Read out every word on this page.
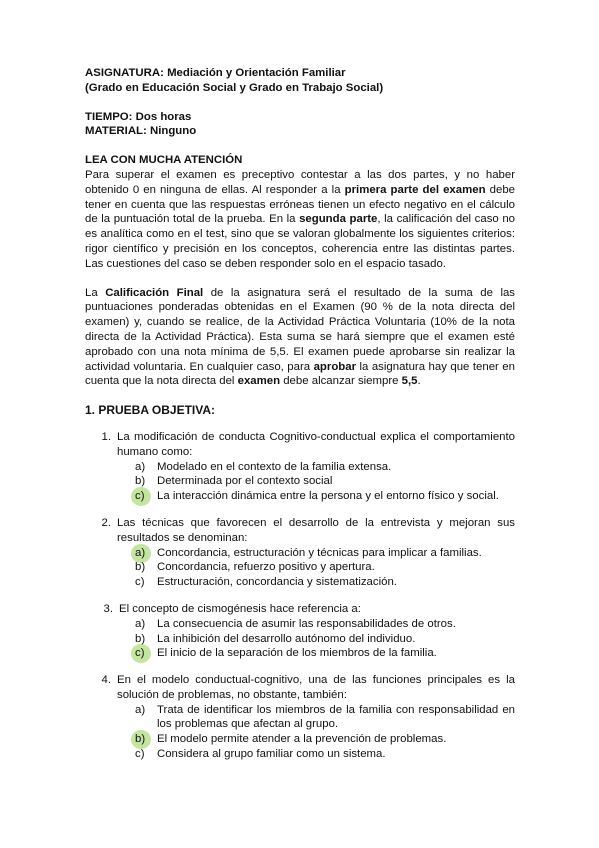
ASIGNATURA: Mediación y Orientación Familiar
(Grado en Educación Social y Grado en Trabajo Social)
TIEMPO: Dos horas
MATERIAL: Ninguno
LEA CON MUCHA ATENCIÓN
Para superar el examen es preceptivo contestar a las dos partes, y no haber obtenido 0 en ninguna de ellas. Al responder a la primera parte del examen debe tener en cuenta que las respuestas erróneas tienen un efecto negativo en el cálculo de la puntuación total de la prueba. En la segunda parte, la calificación del caso no es analítica como en el test, sino que se valoran globalmente los siguientes criterios: rigor científico y precisión en los conceptos, coherencia entre las distintas partes. Las cuestiones del caso se deben responder solo en el espacio tasado.
La Calificación Final de la asignatura será el resultado de la suma de las puntuaciones ponderadas obtenidas en el Examen (90 % de la nota directa del examen) y, cuando se realice, de la Actividad Práctica Voluntaria (10% de la nota directa de la Actividad Práctica). Esta suma se hará siempre que el examen esté aprobado con una nota mínima de 5,5. El examen puede aprobarse sin realizar la actividad voluntaria. En cualquier caso, para aprobar la asignatura hay que tener en cuenta que la nota directa del examen debe alcanzar siempre 5,5.
1. PRUEBA OBJETIVA:
1. La modificación de conducta Cognitivo-conductual explica el comportamiento humano como:
a)	Modelado en el contexto de la familia extensa.
b)	Determinada por el contexto social
c)	La interacción dinámica entre la persona y el entorno físico y social.
2. Las técnicas que favorecen el desarrollo de la entrevista y mejoran sus resultados se denominan:
a)	Concordancia, estructuración y técnicas para implicar a familias.
b)	Concordancia, refuerzo positivo y apertura.
c)	Estructuración, concordancia y sistematización.
3. El concepto de cismogénesis hace referencia a:
a)	La consecuencia de asumir las responsabilidades de otros.
b)	La inhibición del desarrollo autónomo del individuo.
c)	El inicio de la separación de los miembros de la familia.
4. En el modelo conductual-cognitivo, una de las funciones principales es la solución de problemas, no obstante, también:
a)	Trata de identificar los miembros de la familia con responsabilidad en los problemas que afectan al grupo.
b)	El modelo permite atender a la prevención de problemas.
c)	Considera al grupo familiar como un sistema.
